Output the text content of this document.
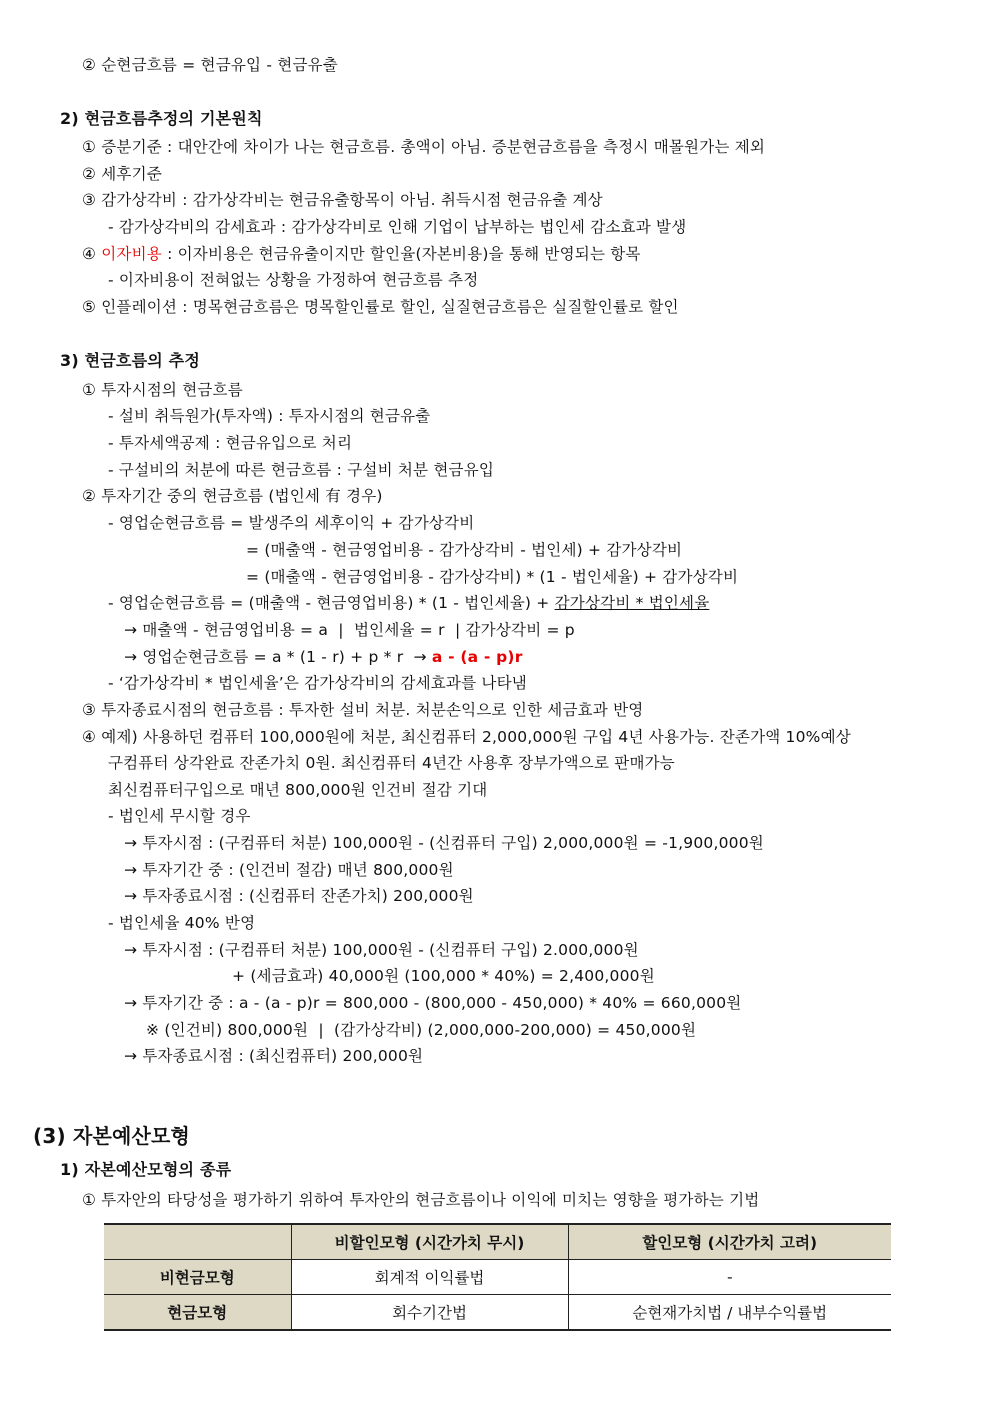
② 순현금흐름 = 현금유입 - 현금유출
2) 현금흐름추정의 기본원칙
① 증분기준 : 대안간에 차이가 나는 현금흐름. 총액이 아님. 증분현금흐름을 측정시 매몰원가는 제외
② 세후기준
③ 감가상각비 : 감가상각비는 현금유출항목이 아님. 취득시점 현금유출 계상
- 감가상각비의 감세효과 : 감가상각비로 인해 기업이 납부하는 법인세 감소효과 발생
④ 이자비용 : 이자비용은 현금유출이지만 할인율(자본비용)을 통해 반영되는 항목
- 이자비용이 전혀없는 상황을 가정하여 현금흐름 추정
⑤ 인플레이션 : 명목현금흐름은 명목할인률로 할인, 실질현금흐름은 실질할인률로 할인
3) 현금흐름의 추정
① 투자시점의 현금흐름
- 설비 취득원가(투자액) : 투자시점의 현금유출
- 투자세액공제 : 현금유입으로 처리
- 구설비의 처분에 따른 현금흐름 : 구설비 처분 현금유입
② 투자기간 중의 현금흐름 (법인세 有 경우)
- 영업순현금흐름 = 발생주의 세후이익 + 감가상각비
= (매출액 - 현금영업비용 - 감가상각비 - 법인세) + 감가상각비
= (매출액 - 현금영업비용 - 감가상각비) * (1 - 법인세율) + 감가상각비
- 영업순현금흐름 = (매출액 - 현금영업비용) * (1 - 법인세율) + 감가상각비 * 법인세율
→ 매출액 - 현금영업비용 = a  |  법인세율 = r  | 감가상각비 = p
→ 영업순현금흐름 = a * (1 - r) + p * r  → a - (a - p)r
- ‘감가상각비 * 법인세율’은 감가상각비의 감세효과를 나타냄
③ 투자종료시점의 현금흐름 : 투자한 설비 처분. 처분손익으로 인한 세금효과 반영
④ 예제) 사용하던 컴퓨터 100,000원에 처분, 최신컴퓨터 2,000,000원 구입 4년 사용가능. 잔존가액 10%예상
구컴퓨터 상각완료 잔존가치 0원. 최신컴퓨터 4년간 사용후 장부가액으로 판매가능
최신컴퓨터구입으로 매년 800,000원 인건비 절감 기대
- 법인세 무시할 경우
→ 투자시점 : (구컴퓨터 처분) 100,000원 - (신컴퓨터 구입) 2,000,000원 = -1,900,000원
→ 투자기간 중 : (인건비 절감) 매년 800,000원
→ 투자종료시점 : (신컴퓨터 잔존가치) 200,000원
- 법인세율 40% 반영
→ 투자시점 : (구컴퓨터 처분) 100,000원 - (신컴퓨터 구입) 2.000,000원
+ (세금효과) 40,000원 (100,000 * 40%) = 2,400,000원
→ 투자기간 중 : a - (a - p)r = 800,000 - (800,000 - 450,000) * 40% = 660,000원
※ (인건비) 800,000원  |  (감가상각비) (2,000,000-200,000) = 450,000원
→ 투자종료시점 : (최신컴퓨터) 200,000원
(3) 자본예산모형
1) 자본예산모형의 종류
① 투자안의 타당성을 평가하기 위하여 투자안의 현금흐름이나 이익에 미치는 영향을 평가하는 기법
	비할인모형 (시간가치 무시)	할인모형 (시간가치 고려)
비현금모형	회계적 이익률법	-
현금모형	회수기간법	순현재가치법 / 내부수익률법
